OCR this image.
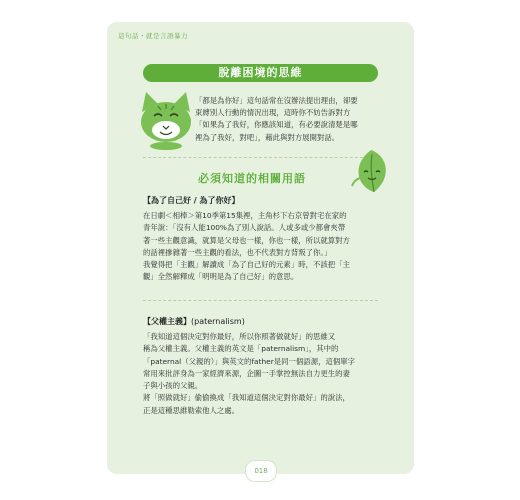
這句話・就是言語暴力
脫離困境的思維
「都是為你好」這句話常在沒辦法提出理由，卻要
束縛別人行動的情況出現，這時你不妨告訴對方
「如果為了我好，你應該知道，有必要說清楚是哪
裡為了我好，對吧」，藉此與對方展開對話。
必須知道的相關用語
【為了自己好 / 為了你好】

在日劇＜相棒＞第10季第15集裡，主角杉下右京曾對宅在家的

青年說：「沒有人能100%為了別人說話。人或多或少都會夾帶

著一些主觀意識，就算是父母也一樣，你也一樣，所以就算對方

的話裡摻雜著一些主觀的看法，也不代表對方背叛了你。」

我覺得把「主觀」解讀成「為了自己好的元素」時，不該把「主

觀」全然解釋成「明明是為了自己好」的意思。

【父權主義】(paternalism)

「我知道這個決定對你最好，所以你照著做就好」的思維又

稱為父權主義。父權主義的英文是「paternalism」，其中的

「paternal（父親的）」與英文的father是同一個語源，這個單字

常用來批評身為一家經濟來源，企圖一手掌控無法自力更生的妻

子與小孩的父親。

將「照做就好」偷偷換成「我知道這個決定對你最好」的說法，

正是這種思維勒索他人之處。

018
